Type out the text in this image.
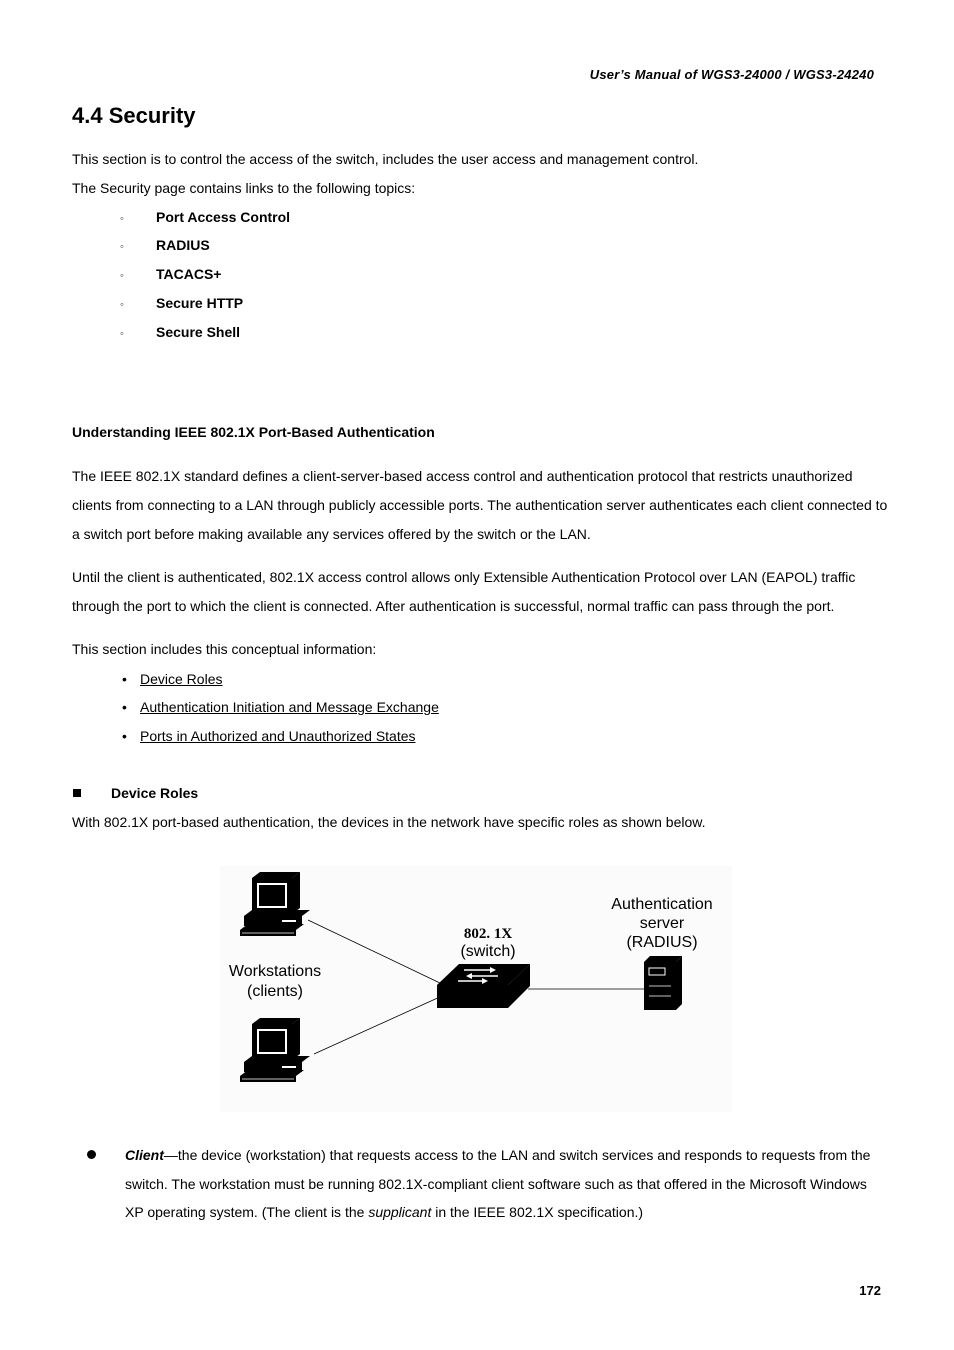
User’s Manual of WGS3-24000 / WGS3-24240
4.4 Security
This section is to control the access of the switch, includes the user access and management control.
The Security page contains links to the following topics:
◦ Port Access Control
◦ RADIUS
◦ TACACS+
◦ Secure HTTP
◦ Secure Shell
Understanding IEEE 802.1X Port-Based Authentication
The IEEE 802.1X standard defines a client-server-based access control and authentication protocol that restricts unauthorized clients from connecting to a LAN through publicly accessible ports. The authentication server authenticates each client connected to a switch port before making available any services offered by the switch or the LAN.
Until the client is authenticated, 802.1X access control allows only Extensible Authentication Protocol over LAN (EAPOL) traffic through the port to which the client is connected. After authentication is successful, normal traffic can pass through the port.
This section includes this conceptual information:
• Device Roles
• Authentication Initiation and Message Exchange
• Ports in Authorized and Unauthorized States
Device Roles
With 802.1X port-based authentication, the devices in the network have specific roles as shown below.
Workstations
(clients)
802. 1X
(switch)
Authentication
server
(RADIUS)
Client—the device (workstation) that requests access to the LAN and switch services and responds to requests from the switch. The workstation must be running 802.1X-compliant client software such as that offered in the Microsoft Windows XP operating system. (The client is the supplicant in the IEEE 802.1X specification.)
172
